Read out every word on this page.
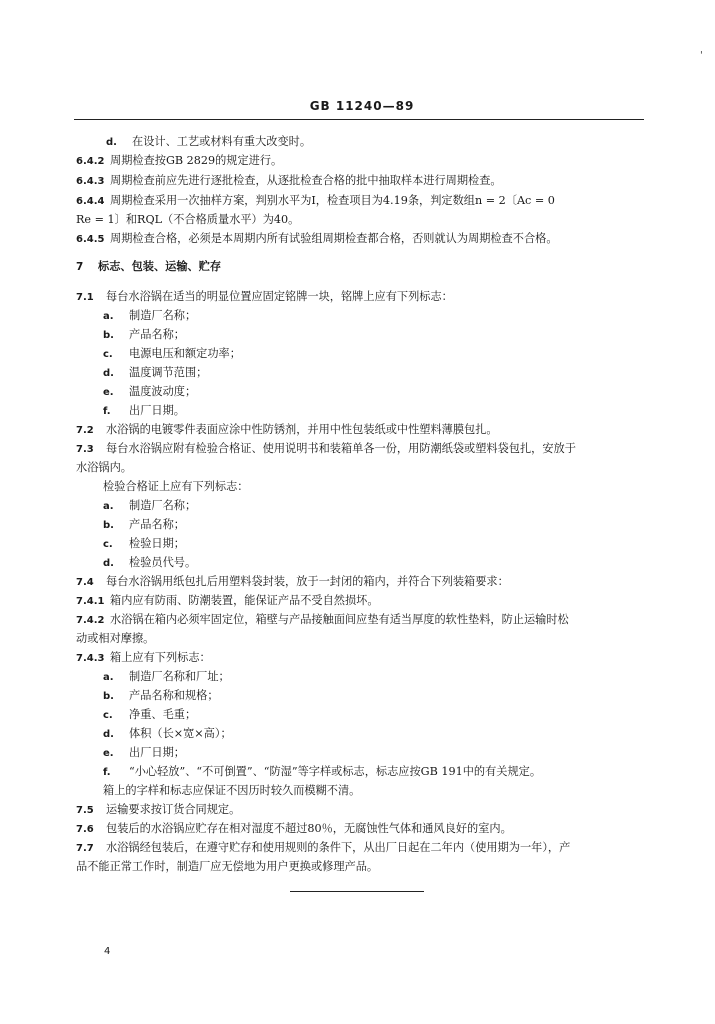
GB 11240—89
'
d. 在设计、工艺或材料有重大改变时。
6.4.2 周期检查按GB 2829的规定进行。
6.4.3 周期检查前应先进行逐批检查，从逐批检查合格的批中抽取样本进行周期检查。
6.4.4 周期检查采用一次抽样方案，判别水平为Ⅰ，检查项目为4.19条，判定数组n = 2〔Ac = 0
Re = 1〕和RQL（不合格质量水平）为40。
6.4.5 周期检查合格，必须是本周期内所有试验组周期检查都合格，否则就认为周期检查不合格。
7 标志、包装、运输、贮存
7.1 每台水浴锅在适当的明显位置应固定铭牌一块，铭牌上应有下列标志：
a. 制造厂名称；
b. 产品名称；
c. 电源电压和额定功率；
d. 温度调节范围；
e. 温度波动度；
f. 出厂日期。
7.2 水浴锅的电镀零件表面应涂中性防锈剂，并用中性包装纸或中性塑料薄膜包扎。
7.3 每台水浴锅应附有检验合格证、使用说明书和装箱单各一份，用防潮纸袋或塑料袋包扎，安放于
水浴锅内。
检验合格证上应有下列标志：
a. 制造厂名称；
b. 产品名称；
c. 检验日期；
d. 检验员代号。
7.4 每台水浴锅用纸包扎后用塑料袋封装，放于一封闭的箱内，并符合下列装箱要求：
7.4.1 箱内应有防雨、防潮装置，能保证产品不受自然损坏。
7.4.2 水浴锅在箱内必须牢固定位，箱壁与产品接触面间应垫有适当厚度的软性垫料，防止运输时松
动或相对摩擦。
7.4.3 箱上应有下列标志：
a. 制造厂名称和厂址；
b. 产品名称和规格；
c. 净重、毛重；
d. 体积（长×宽×高）；
e. 出厂日期；
f. “小心轻放”、“不可倒置”、“防湿”等字样或标志，标志应按GB 191中的有关规定。
箱上的字样和标志应保证不因历时较久而模糊不清。
7.5 运输要求按订货合同规定。
7.6 包装后的水浴锅应贮存在相对湿度不超过80％，无腐蚀性气体和通风良好的室内。
7.7 水浴锅经包装后，在遵守贮存和使用规则的条件下，从出厂日起在二年内（使用期为一年），产
品不能正常工作时，制造厂应无偿地为用户更换或修理产品。
4
